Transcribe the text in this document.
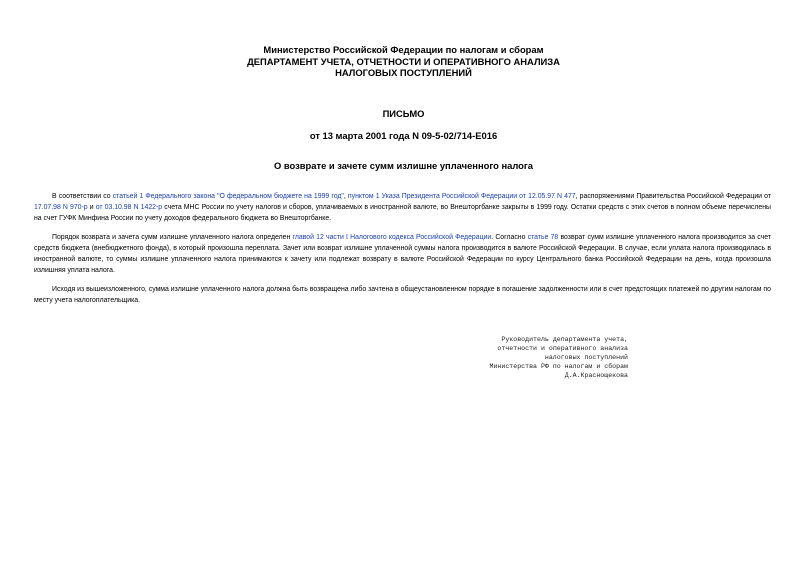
Министерство Российской Федерации по налогам и сборам
ДЕПАРТАМЕНТ УЧЕТА, ОТЧЕТНОСТИ И ОПЕРАТИВНОГО АНАЛИЗА
НАЛОГОВЫХ ПОСТУПЛЕНИЙ
ПИСЬМО
от 13 марта 2001 года N 09-5-02/714-Е016
О возврате и зачете сумм излишне уплаченного налога

В соответствии со статьей 1 Федерального закона "О федеральном бюджете на 1999 год", пунктом 1 Указа Президента Российской Федерации от 12.05.97 N 477, распоряжениями Правительства Российской Федерации от 17.07.98 N 970-р и от 03.10.98 N 1422-р счета МНС России по учету налогов и сборов, уплачиваемых в иностранной валюте, во Внешторгбанке закрыты в 1999 году. Остатки средств с этих счетов в полном объеме перечислены на счет ГУФК Минфина России по учету доходов федерального бюджета во Внешторгбанке.

Порядок возврата и зачета сумм излишне уплаченного налога определен главой 12 части I Налогового кодекса Российской Федерации. Согласно статье 78 возврат сумм излишне уплаченного налога производится за счет средств бюджета (внебюджетного фонда), в который произошла переплата. Зачет или возврат излишне уплаченной суммы налога производится в валюте Российской Федерации. В случае, если уплата налога производилась в иностранной валюте, то суммы излишне уплаченного налога принимаются к зачету или подлежат возврату в валюте Российской Федерации по курсу Центрального банка Российской Федерации на день, когда произошла излишняя уплата налога.

Исходя из вышеизложенного, сумма излишне уплаченного налога должна быть возвращена либо зачтена в общеустановленном порядке в погашение задолженности или в счет предстоящих платежей по другим налогам по месту учета налогоплательщика.

Руководитель департамента учета,
отчетности и оперативного анализа
налоговых поступлений
Министерства РФ по налогам и сборам
Д.А.Краснощекова
